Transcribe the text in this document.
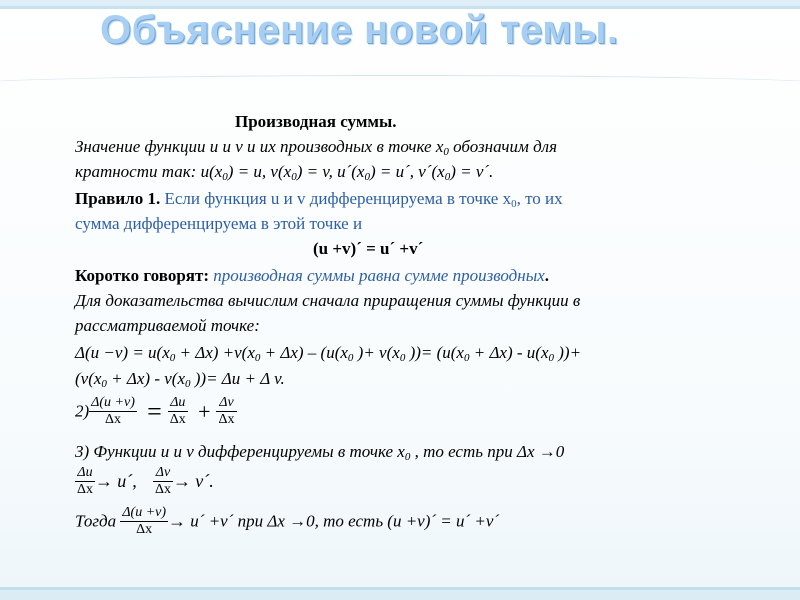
Объяснение новой темы.
Производная суммы.
Значение функции u и v и их производных в точке $x_0$ обозначим для
кратности так: $u(x_0) = u$, $v(x_0) = v$, $u´(x_0)$ = u´, $v´(x_0)$ = v´.
Правило 1. Если функция u и v дифференцируема в точке $x_0$, то их
сумма дифференцируема в этой точке и
(u +v)´ = u´ +v´
Коротко говорят: производная суммы равна сумме производных.
Для доказательства вычислим сначала приращения суммы функции в
рассматриваемой точке:
$\Delta(u -v) = u(x_0 + \Delta x) +v(x_0 + \Delta x) - (u(x_0$ )+ $v(x_0$ ))= ($u(x_0 + \Delta x) - u(x_0$ ))+
($v(x_0 + \Delta x) - v(x_0$ ))= Δu + Δ v.
$2) \frac{\Delta(u +v)}{\Delta x} = \frac{\Delta u}{\Delta x} + \frac{\Delta v}{\Delta x}$
3) Функции u и v дифференцируемы в точке $x_0$ , то есть при Δx →0
$\frac{\Delta u}{\Delta x}$ → u´, $\frac{\Delta v}{\Delta x}$ → v´.
Тогда $\frac{\Delta(u +v)}{\Delta x}$ → u´ +v´ при Δx →0, то есть (u +v)´ = u´ +v´
